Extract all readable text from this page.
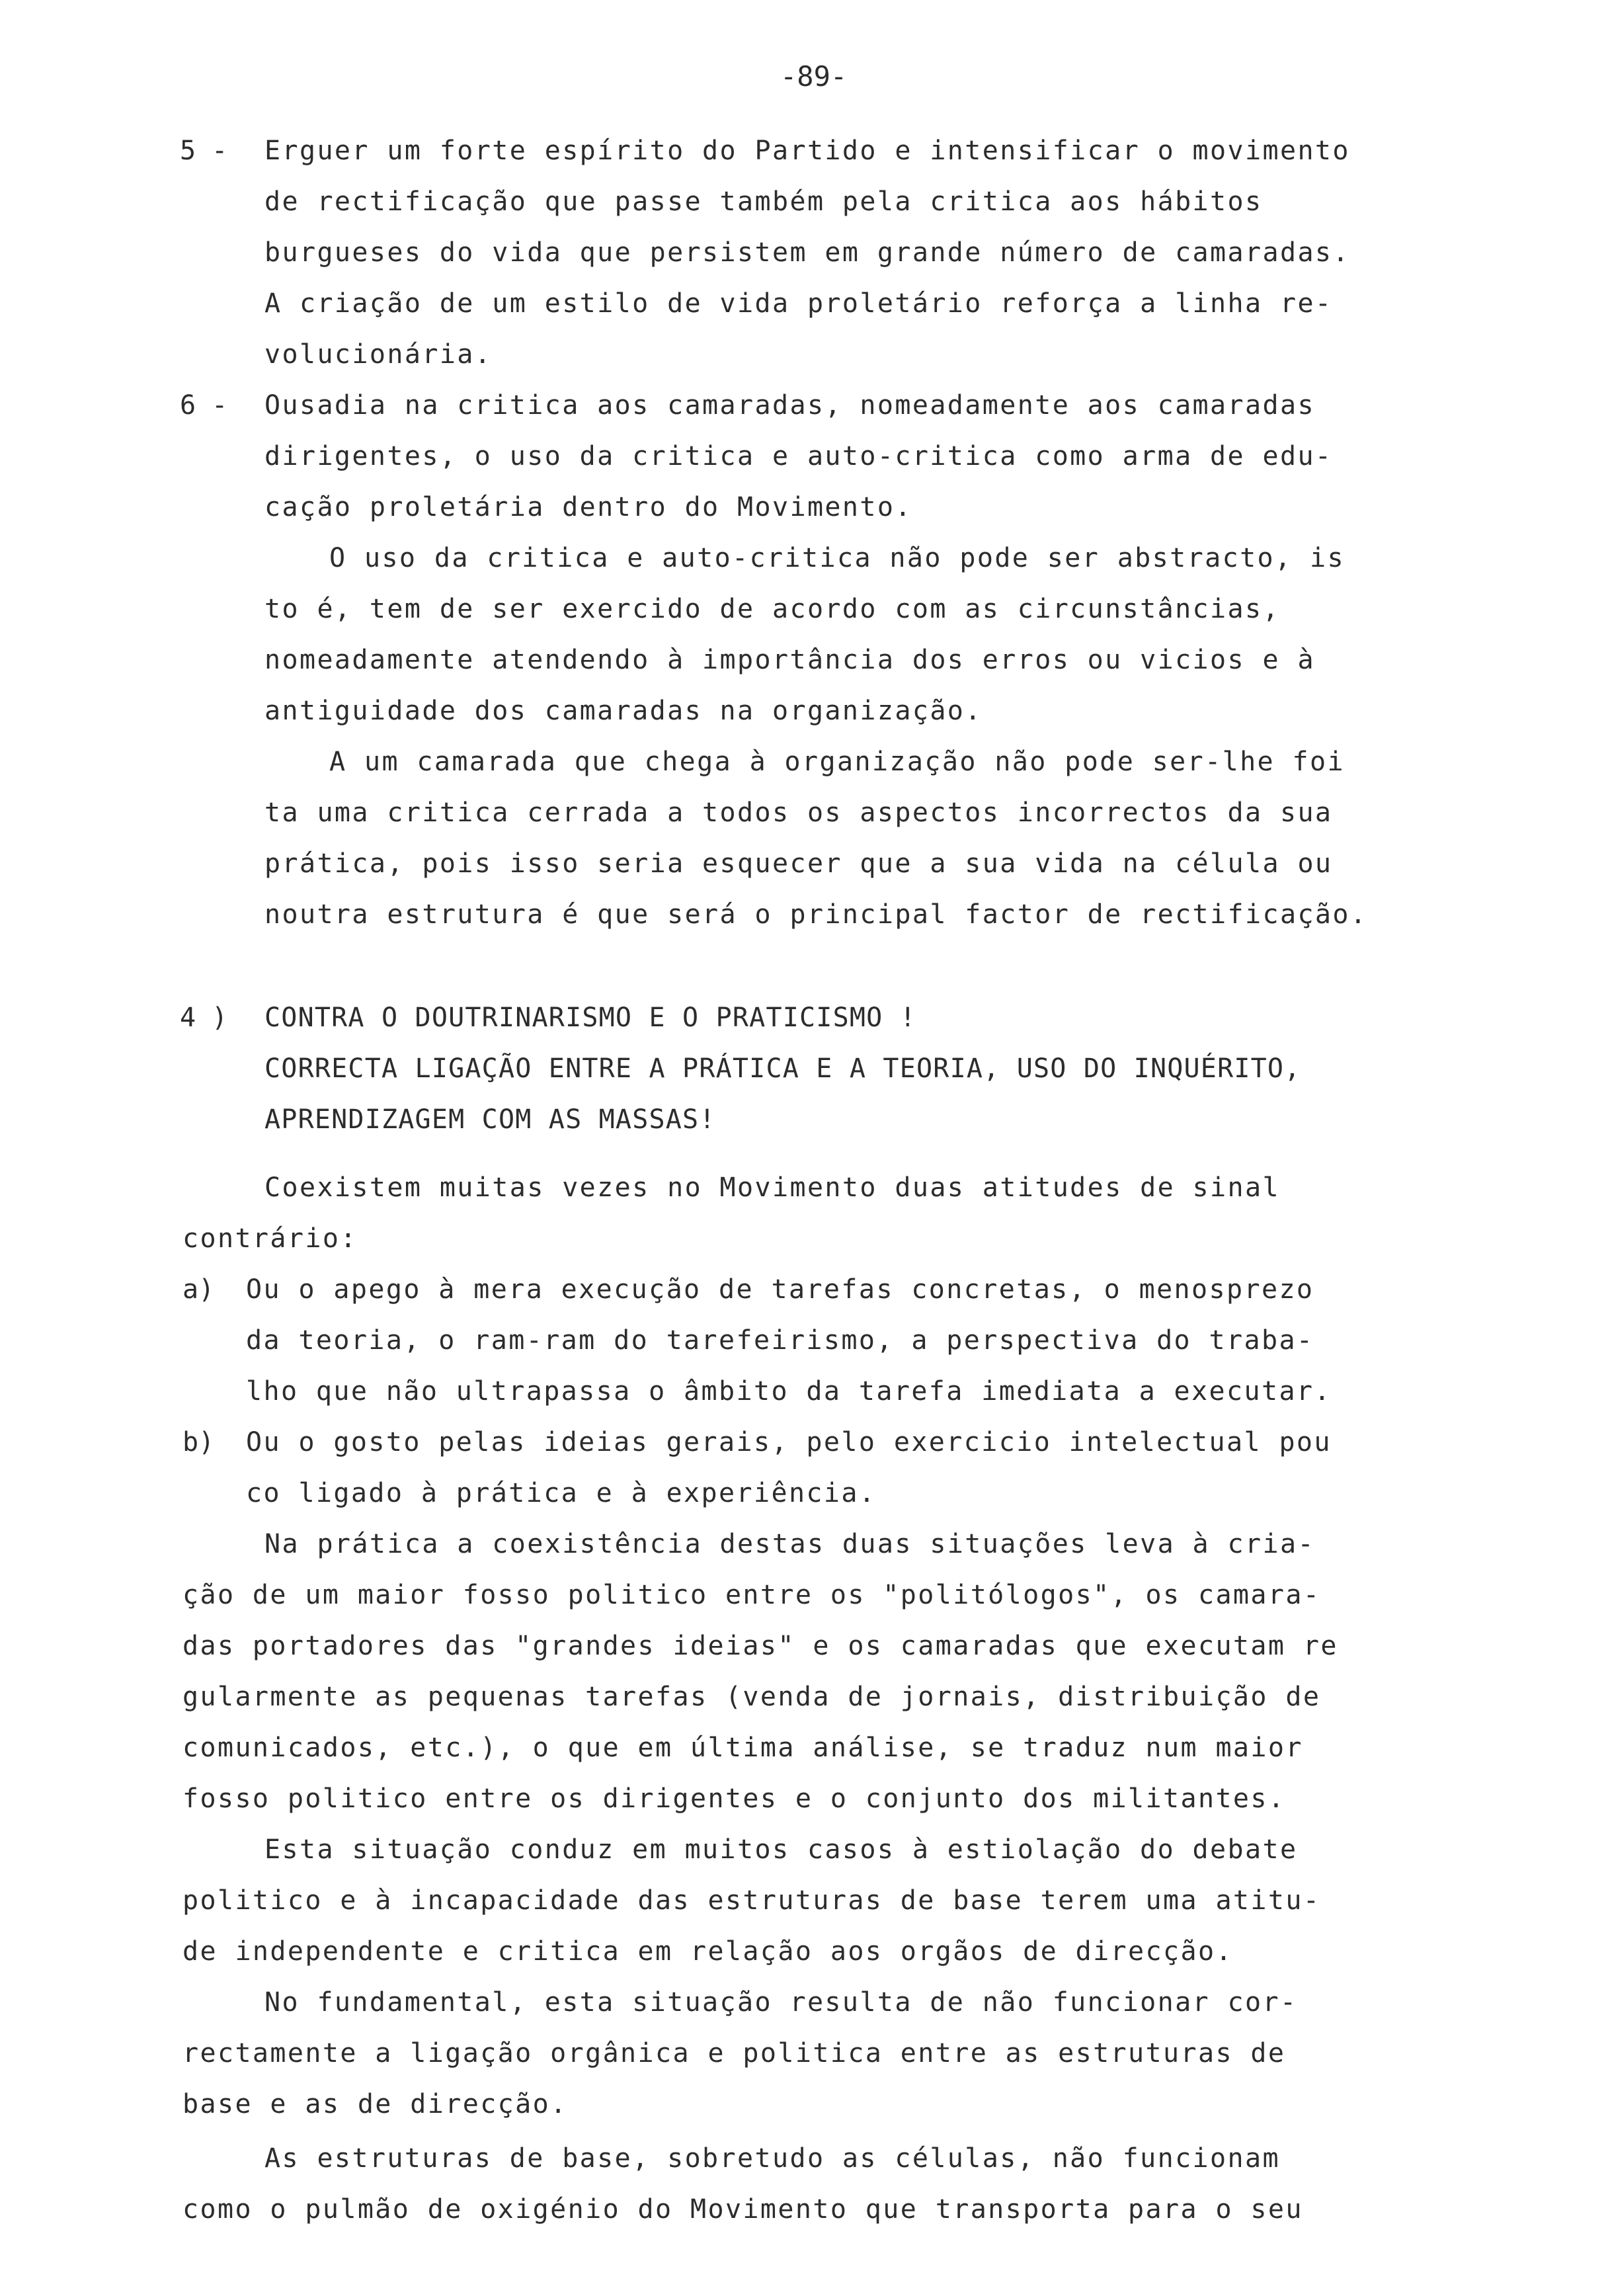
-89-
5 - Erguer um forte espírito do Partido e intensificar o movimento
de rectificação que passe também pela critica aos hábitos
burgueses do vida que persistem em grande número de camaradas.
A criação de um estilo de vida proletário reforça a linha re-
volucionária.
6 - Ousadia na critica aos camaradas, nomeadamente aos camaradas
dirigentes, o uso da critica e auto-critica como arma de edu-
cação proletária dentro do Movimento.
O uso da critica e auto-critica não pode ser abstracto, is
to é, tem de ser exercido de acordo com as circunstâncias,
nomeadamente atendendo à importância dos erros ou vicios e à
antiguidade dos camaradas na organização.
A um camarada que chega à organização não pode ser-lhe foi
ta uma critica cerrada a todos os aspectos incorrectos da sua
prática, pois isso seria esquecer que a sua vida na célula ou
noutra estrutura é que será o principal factor de rectificação.
4 ) CONTRA O DOUTRINARISMO E O PRATICISMO !
CORRECTA LIGAÇÃO ENTRE A PRÁTICA E A TEORIA, USO DO INQUÉRITO,
APRENDIZAGEM COM AS MASSAS!
Coexistem muitas vezes no Movimento duas atitudes de sinal
contrário:
a) Ou o apego à mera execução de tarefas concretas, o menosprezo
da teoria, o ram-ram do tarefeirismo, a perspectiva do traba-
lho que não ultrapassa o âmbito da tarefa imediata a executar.
b) Ou o gosto pelas ideias gerais, pelo exercicio intelectual pou
co ligado à prática e à experiência.
Na prática a coexistência destas duas situações leva à cria-
ção de um maior fosso politico entre os "politólogos", os camara-
das portadores das "grandes ideias" e os camaradas que executam re
gularmente as pequenas tarefas (venda de jornais, distribuição de
comunicados, etc.), o que em última análise, se traduz num maior
fosso politico entre os dirigentes e o conjunto dos militantes.
Esta situação conduz em muitos casos à estiolação do debate
politico e à incapacidade das estruturas de base terem uma atitu-
de independente e critica em relação aos orgãos de direcção.
No fundamental, esta situação resulta de não funcionar cor-
rectamente a ligação orgânica e politica entre as estruturas de
base e as de direcção.
As estruturas de base, sobretudo as células, não funcionam
como o pulmão de oxigénio do Movimento que transporta para o seu
